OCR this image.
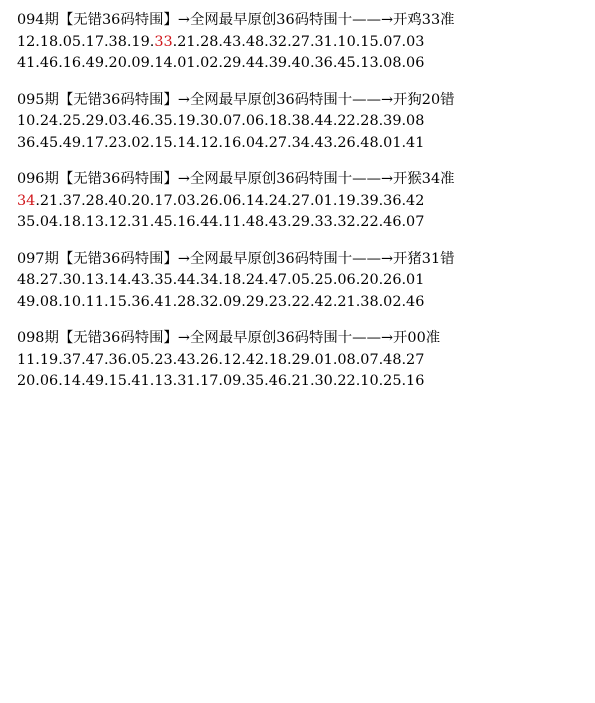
094期【无错36码特围】→全网最早原创36码特围十——→开鸡33准
12.18.05.17.38.19.33.21.28.43.48.32.27.31.10.15.07.03
41.46.16.49.20.09.14.01.02.29.44.39.40.36.45.13.08.06
095期【无错36码特围】→全网最早原创36码特围十——→开狗20错
10.24.25.29.03.46.35.19.30.07.06.18.38.44.22.28.39.08
36.45.49.17.23.02.15.14.12.16.04.27.34.43.26.48.01.41
096期【无错36码特围】→全网最早原创36码特围十——→开猴34准
34.21.37.28.40.20.17.03.26.06.14.24.27.01.19.39.36.42
35.04.18.13.12.31.45.16.44.11.48.43.29.33.32.22.46.07
097期【无错36码特围】→全网最早原创36码特围十——→开猪31错
48.27.30.13.14.43.35.44.34.18.24.47.05.25.06.20.26.01
49.08.10.11.15.36.41.28.32.09.29.23.22.42.21.38.02.46
098期【无错36码特围】→全网最早原创36码特围十——→开00准
11.19.37.47.36.05.23.43.26.12.42.18.29.01.08.07.48.27
20.06.14.49.15.41.13.31.17.09.35.46.21.30.22.10.25.16
